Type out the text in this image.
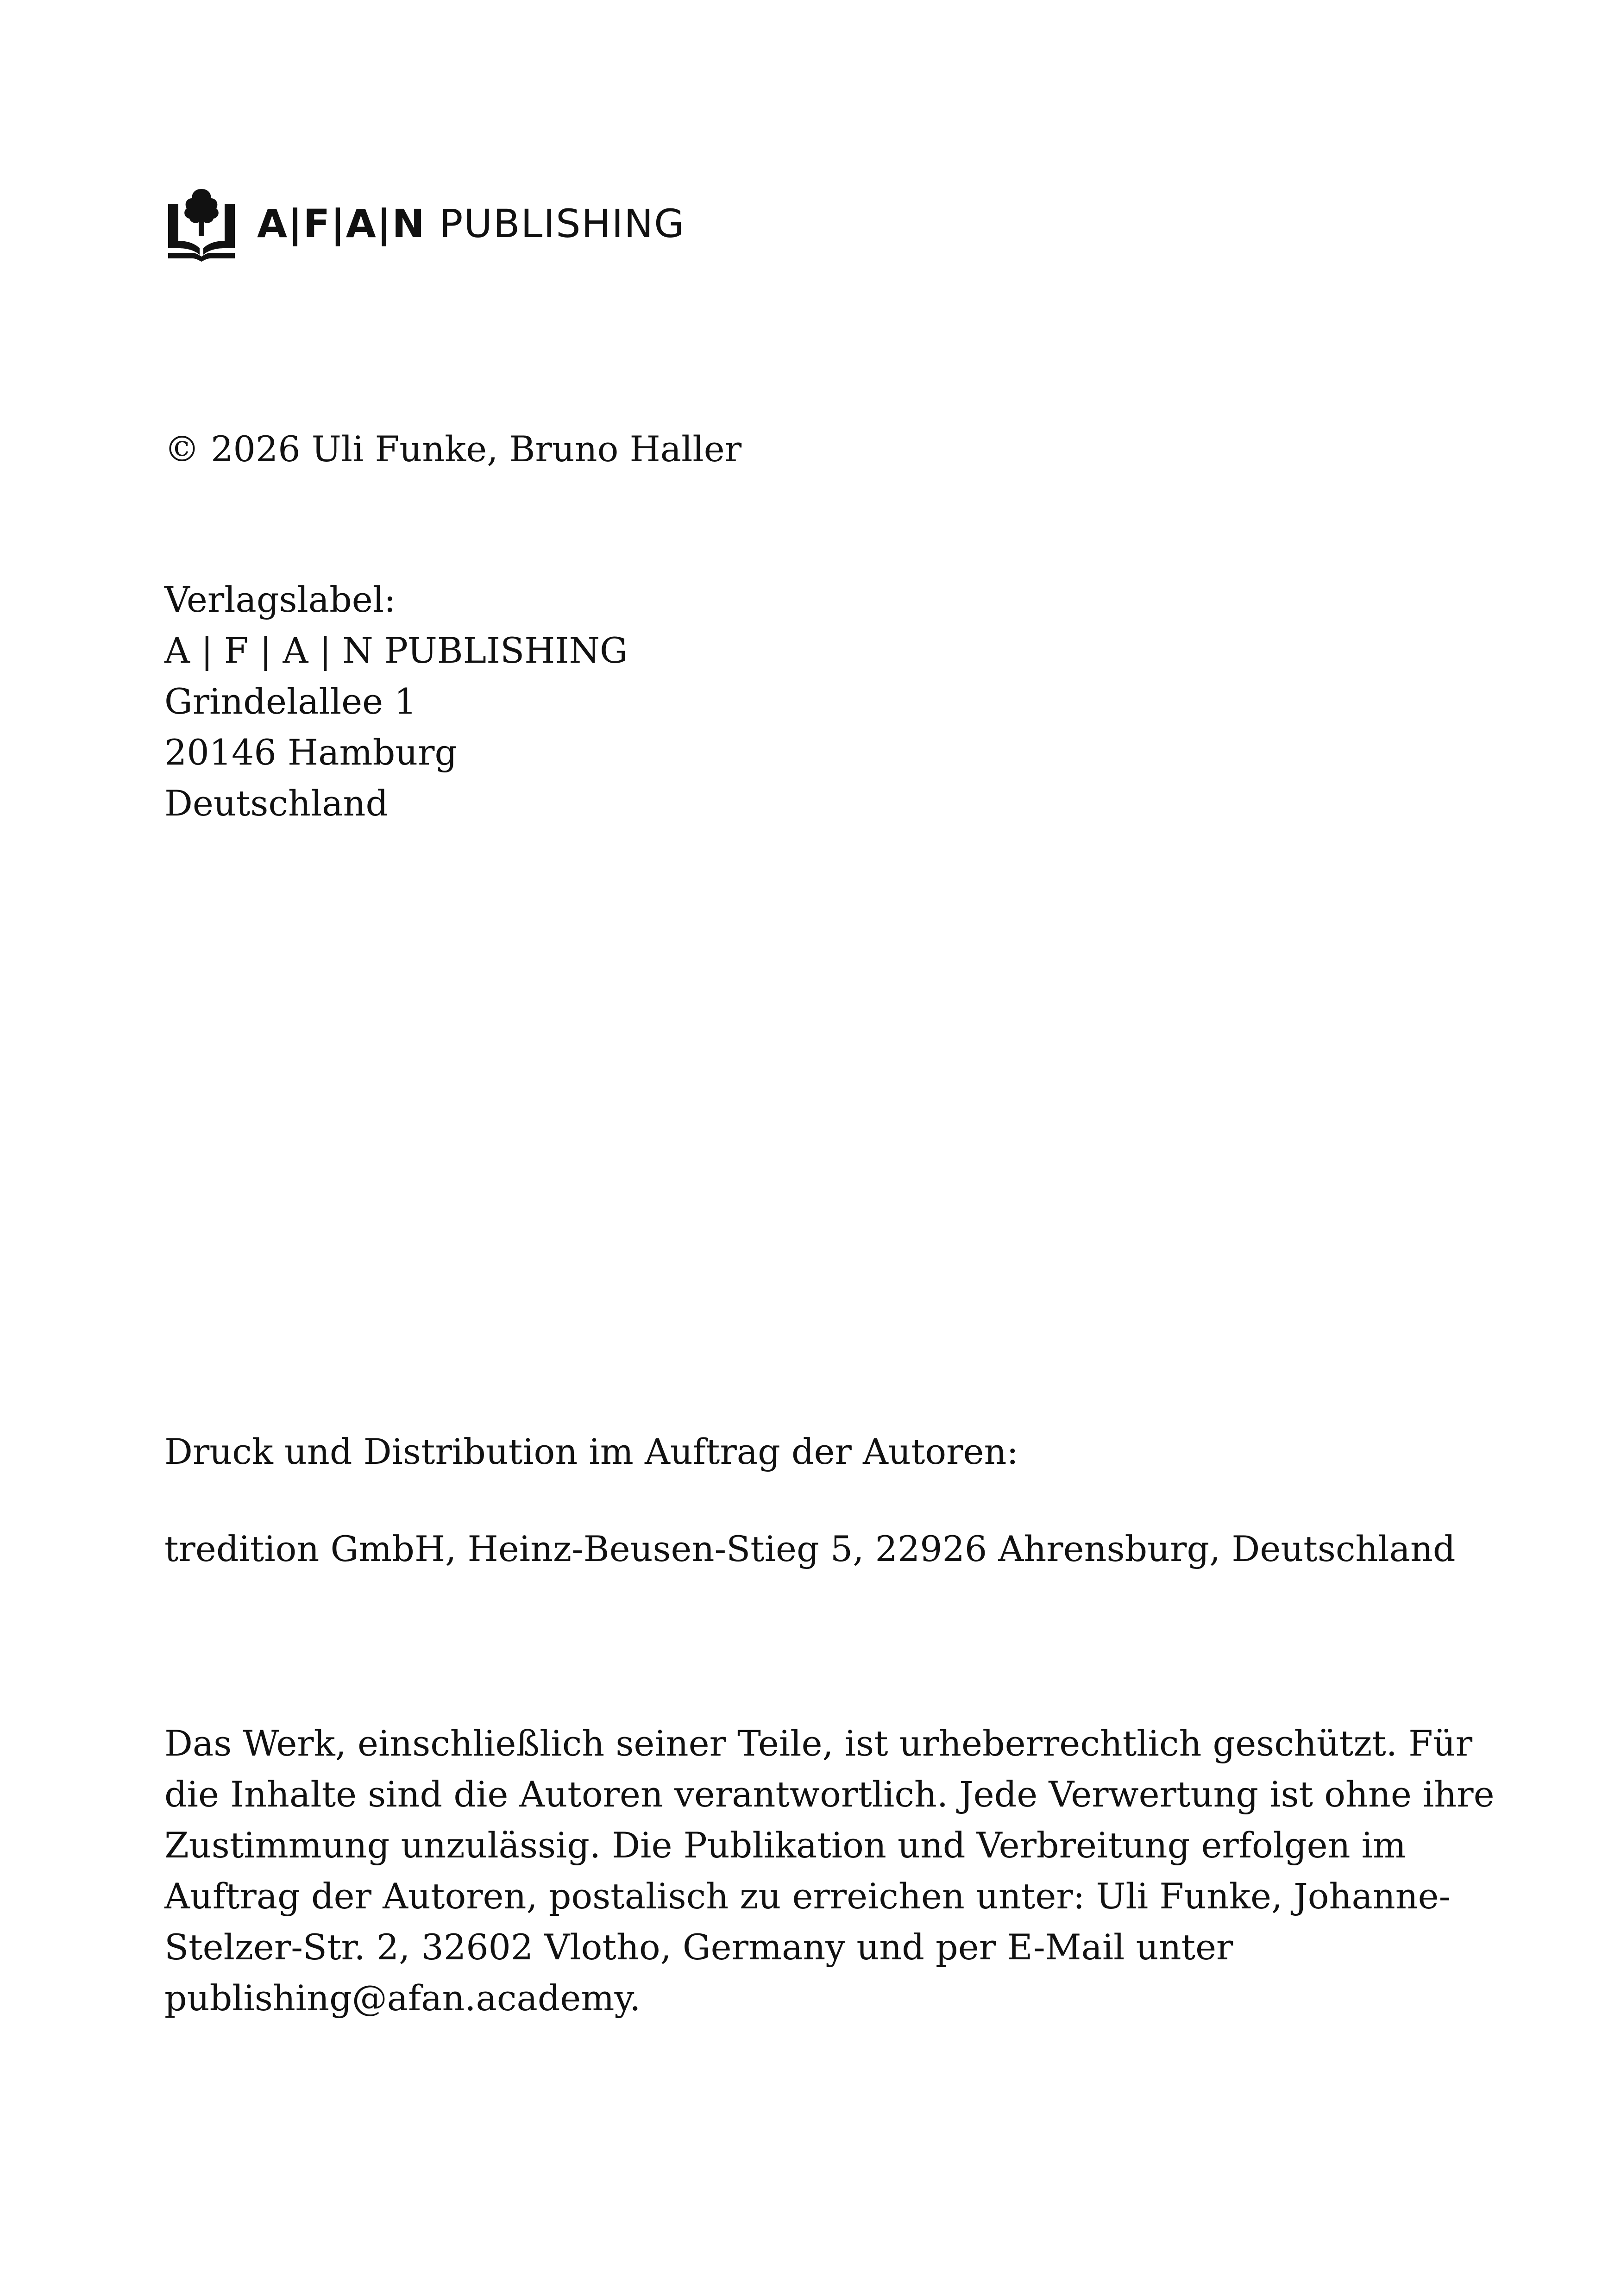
A|F|A|N PUBLISHING
© 2026 Uli Funke, Bruno Haller
Verlagslabel:
A | F | A | N PUBLISHING
Grindelallee 1
20146 Hamburg
Deutschland
Druck und Distribution im Auftrag der Autoren:
tredition GmbH, Heinz-Beusen-Stieg 5, 22926 Ahrensburg, Deutschland
Das Werk, einschließlich seiner Teile, ist urheberrechtlich geschützt. Für
die Inhalte sind die Autoren verantwortlich. Jede Verwertung ist ohne ihre
Zustimmung unzulässig. Die Publikation und Verbreitung erfolgen im
Auftrag der Autoren, postalisch zu erreichen unter: Uli Funke, Johanne-
Stelzer-Str. 2, 32602 Vlotho, Germany und per E-Mail unter
publishing@afan.academy.
